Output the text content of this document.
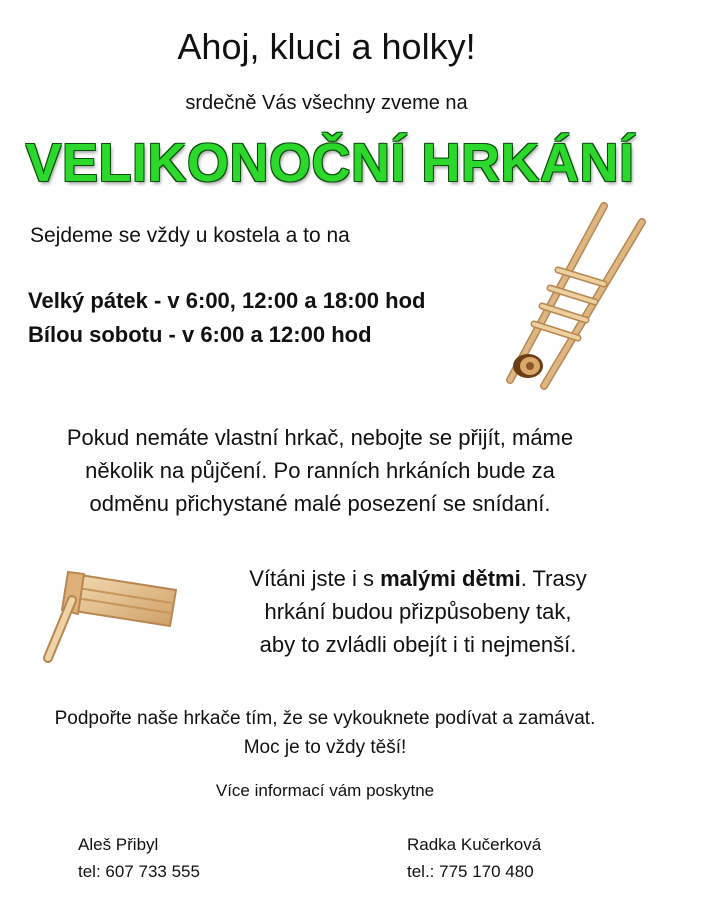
Ahoj, kluci a holky!
srdečně Vás všechny zveme na
VELIKONOČNÍ HRKÁNÍ
Sejdeme se vždy u kostela a to na
Velký pátek - v 6:00, 12:00 a 18:00 hod
Bílou sobotu - v 6:00 a 12:00 hod
Pokud nemáte vlastní hrkač, nebojte se přijít, máme
několik na půjčení. Po ranních hrkáních bude za
odměnu přichystané malé posezení se snídaní.
Vítáni jste i s malými dětmi. Trasy
hrkání budou přizpůsobeny tak,
aby to zvládli obejít i ti nejmenší.
Podpořte naše hrkače tím, že se vykouknete podívat a zamávat.
Moc je to vždy těší!
Více informací vám poskytne
Aleš Přibyl
tel: 607 733 555
Radka Kučerková
tel.: 775 170 480
